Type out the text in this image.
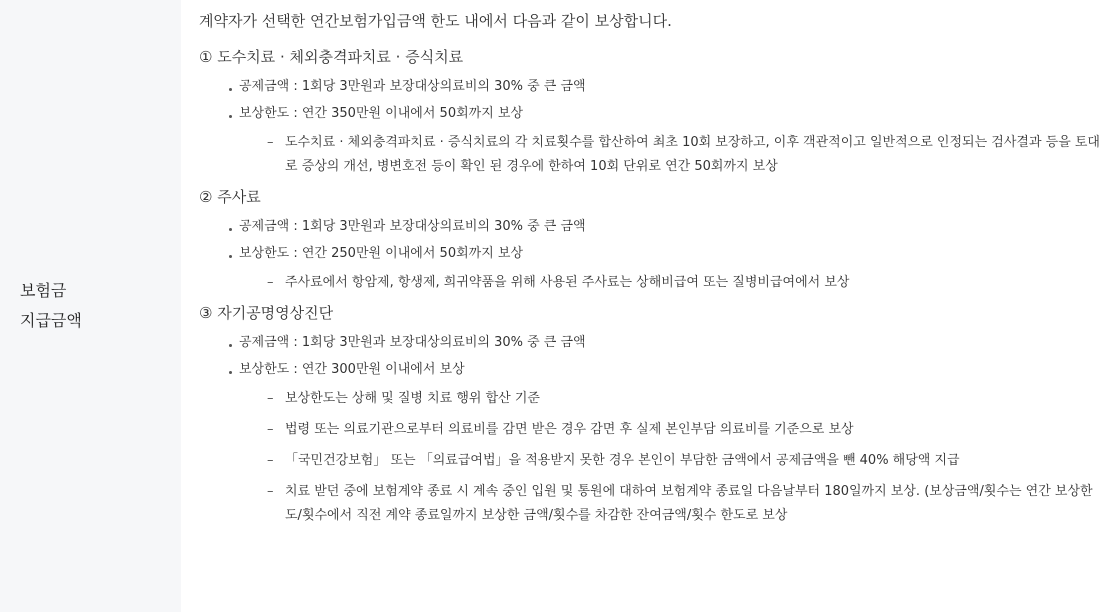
보험금
지급금액

계약자가 선택한 연간보험가입금액 한도 내에서 다음과 같이 보상합니다.

① 도수치료 · 체외충격파치료 · 증식치료

공제금액 : 1회당 3만원과 보장대상의료비의 30% 중 큰 금액
보상한도 : 연간 350만원 이내에서 50회까지 보상
– 도수치료 · 체외충격파치료 · 증식치료의 각 치료횟수를 합산하여 최초 10회 보장하고, 이후 객관적이고 일반적으로 인정되는 검사결과 등을 토대로 증상의 개선, 병변호전 등이 확인 된 경우에 한하여 10회 단위로 연간 50회까지 보상

② 주사료

공제금액 : 1회당 3만원과 보장대상의료비의 30% 중 큰 금액
보상한도 : 연간 250만원 이내에서 50회까지 보상
– 주사료에서 항암제, 항생제, 희귀약품을 위해 사용된 주사료는 상해비급여 또는 질병비급여에서 보상

③ 자기공명영상진단

공제금액 : 1회당 3만원과 보장대상의료비의 30% 중 큰 금액
보상한도 : 연간 300만원 이내에서 보상
– 보상한도는 상해 및 질병 치료 행위 합산 기준
– 법령 또는 의료기관으로부터 의료비를 감면 받은 경우 감면 후 실제 본인부담 의료비를 기준으로 보상
– 「국민건강보험」 또는 「의료급여법」을 적용받지 못한 경우 본인이 부담한 금액에서 공제금액을 뺀 40% 해당액 지급
– 치료 받던 중에 보험계약 종료 시 계속 중인 입원 및 통원에 대하여 보험계약 종료일 다음날부터 180일까지 보상. (보상금액/횟수는 연간 보상한도/횟수에서 직전 계약 종료일까지 보상한 금액/횟수를 차감한 잔여금액/횟수 한도로 보상
